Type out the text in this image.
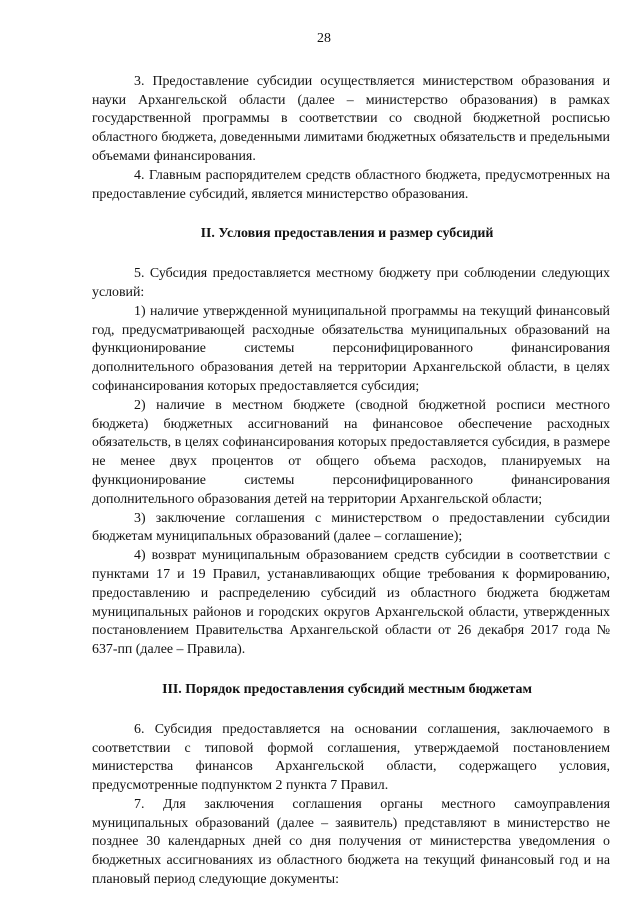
28

3. Предоставление субсидии осуществляется министерством образования и науки Архангельской области (далее – министерство образования) в рамках государственной программы в соответствии со сводной бюджетной росписью областного бюджета, доведенными лимитами бюджетных обязательств и предельными объемами финансирования.

4. Главным распорядителем средств областного бюджета, предусмотренных на предоставление субсидий, является министерство образования.

II. Условия предоставления и размер субсидий

5. Субсидия предоставляется местному бюджету при соблюдении следующих условий:

1) наличие утвержденной муниципальной программы на текущий финансовый год, предусматривающей расходные обязательства муниципальных образований на функционирование системы персонифицированного финансирования дополнительного образования детей на территории Архангельской области, в целях софинансирования которых предоставляется субсидия;

2) наличие в местном бюджете (сводной бюджетной росписи местного бюджета) бюджетных ассигнований на финансовое обеспечение расходных обязательств, в целях софинансирования которых предоставляется субсидия, в размере не менее двух процентов от общего объема расходов, планируемых на функционирование системы персонифицированного финансирования дополнительного образования детей на территории Архангельской области;

3) заключение соглашения с министерством о предоставлении субсидии бюджетам муниципальных образований (далее – соглашение);

4) возврат муниципальным образованием средств субсидии в соответствии с пунктами 17 и 19 Правил, устанавливающих общие требования к формированию, предоставлению и распределению субсидий из областного бюджета бюджетам муниципальных районов и городских округов Архангельской области, утвержденных постановлением Правительства Архангельской области от 26 декабря 2017 года № 637-пп (далее – Правила).

III. Порядок предоставления субсидий местным бюджетам

6. Субсидия предоставляется на основании соглашения, заключаемого в соответствии с типовой формой соглашения, утверждаемой постановлением министерства финансов Архангельской области, содержащего условия, предусмотренные подпунктом 2 пункта 7 Правил.

7. Для заключения соглашения органы местного самоуправления муниципальных образований (далее – заявитель) представляют в министерство не позднее 30 календарных дней со дня получения от министерства уведомления о бюджетных ассигнованиях из областного бюджета на текущий финансовый год и на плановый период следующие документы:
